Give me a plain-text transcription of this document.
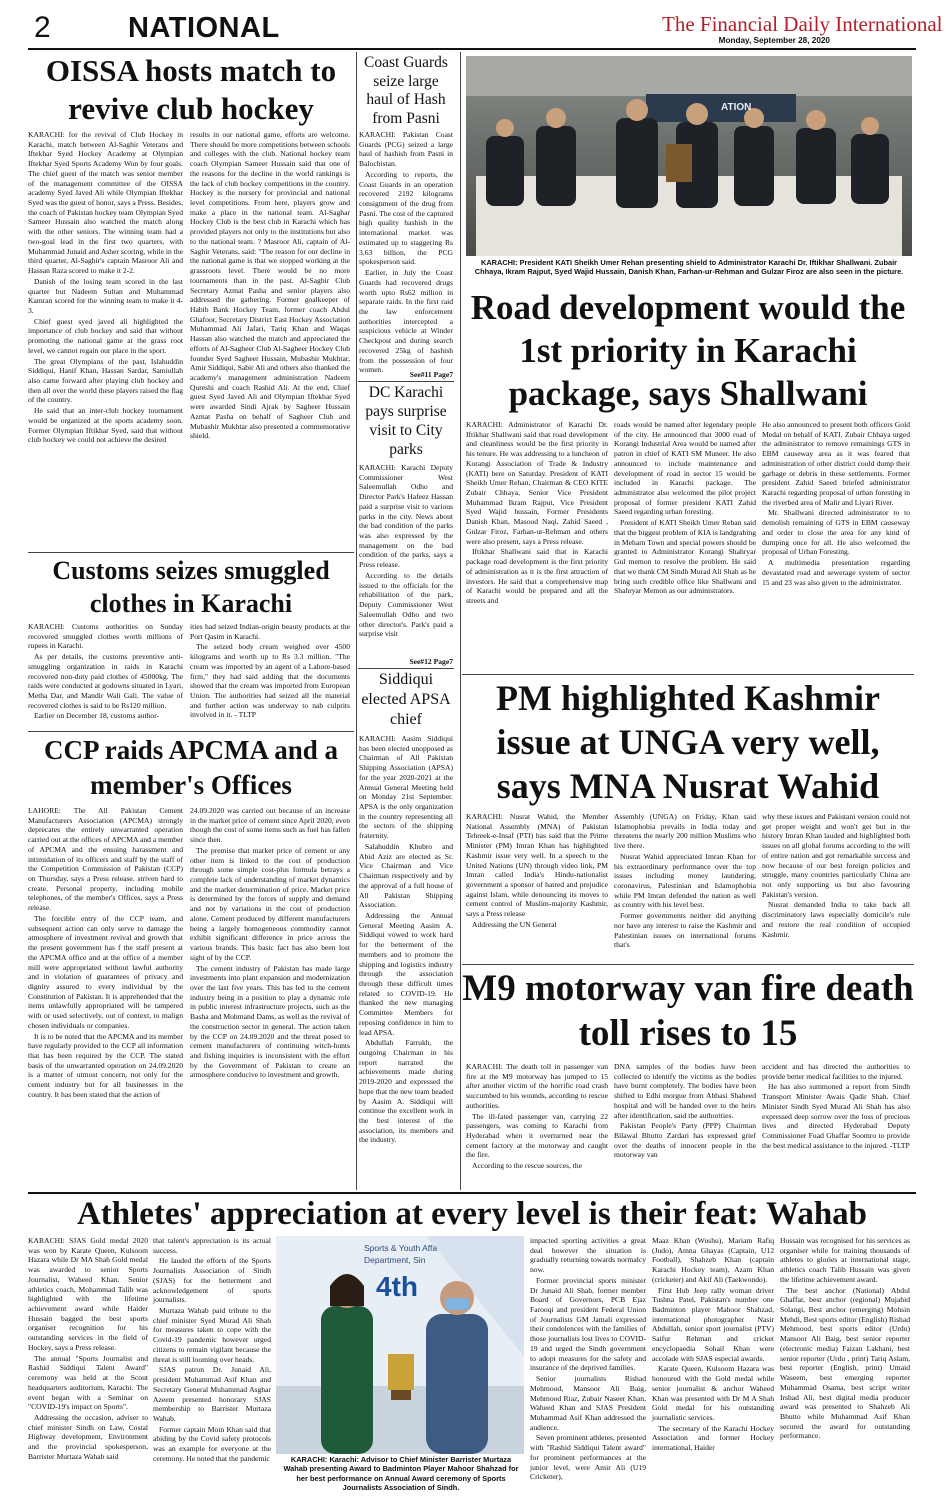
2	NATIONAL	The Financial Daily International
Monday, September 28, 2020
OISSA hosts match to revive club hockey

KARACHI: for the revival of Club Hockey in Karachi, match between Al-Saghir Veterans and Iftekhar Syed Hockey Academy at Olympian Iftekhar Syed Sports Academy Won by four goals. The chief guest of the match was senior member of the management committee of the OISSA academy Syed Javed Ali while Olympian Iftekhar Syed was the guest of honor, says a Press. Besides, the coach of Pakistan hockey team Olympian Syed Sameer Hussain also watched the match along with the other seniors. The winning team had a two-goal lead in the first two quarters, with Muhammad Junaid and Asher scoring, while in the third quarter, Al-Saghir's captain Masroor Ali and Hassan Raza scored to make it 2-2.

Danish of the losing team scored in the last quarter but Nadeem Sultan and Muhammad Kamran scored for the winning team to make it 4-3.

Chief guest syed javed ali highlighted the importance of club hockey and said that without promoting the national game at the grass root level, we cannot regain our place in the sport.

The great Olympians of the past, Islahuddin Siddiqui, Hanif Khan, Hassan Sardar, Samiullah also came forward after playing club hockey and then all over the world these players raised the flag of the country.

He said that an inter-club hockey tournament would be organized at the sports academy soon. Former Olympian Iftikhar Syed, said that without club hockey we could not achieve the desired

results in our national game, efforts are welcome. There should be more competitions between schools and colleges with the club. National hockey team coach Olympian Sameer Hussain said that one of the reasons for the decline in the world rankings is the lack of club hockey competitions in the country. Hockey is the nursery for provincial and national level competitions. From here, players grow and make a place in the national team. Al-Saghar Hockey Club is the best club in Karachi which has provided players not only to the institutions but also to the national team. ? Masroor Ali, captain of Al-Saghir Veterans, said: "The reason for our decline in the national game is that we stopped working at the grassroots level. There would be no more tournaments than in the past. Al-Saghir Club Secretary Azmat Pasha and senior players also addressed the gathering. Former goalkeeper of Habib Bank Hockey Team, former coach Abdul Ghafoor, Secretary District East Hockey Association Muhammad Ali Jafari, Tariq Khan and Waqas Hassan also watched the match and appreciated the efforts of Al-Sagheer Club Al-Sagheer Hockey Club founder Syed Sagheer Hussain, Mubashir Mukhtar, Amir Siddiqui, Sabir Ali and others also thanked the academy's management administration Nadeem Qureshi and coach Rashid Ali. At the end, Chief guest Syed Javed Ali and Olympian Iftekhar Syed were awarded Sindi Ajrak by Sagheer Hussain Azmat Pasha on behalf of Sagheer Club and Mubashir Mukhtar also presented a commemorative shield.

Coast Guards seize large haul of Hash from Pasni

KARACHI: Pakistan Coast Guards (PCG) seized a large haul of hashish from Pasni in Balochistan.

According to reports, the Coast Guards in an operation recovered 2192 kilograms consignment of the drug from Pasni. The cost of the captured high quality hashish in the international market was estimated up to staggering Rs 3.63 billion, the PCG spokesperson said.

Earlier, in July the Coast Guards had recovered drugs worth upto Rs62 million in separate raids. In the first raid the law enforcement authorities intercepted a suspicious vehicle at Winder Checkpost and during search recovered 25kg of hashish from the possession of four women.

See#11 Page7
DC Karachi pays surprise visit to City parks

KARACHI: Karachi Deputy Commissioner West Saleemullah Odho and Director Park's Hafeez Hassan paid a surprise visit to various parks in the city. News about the bad condition of the parks was also expressed by the management on the bad condition of the parks, says a Press release.

According to the details issued to the officials for the rehabilitation of the park, Deputy Commissioner West Saleemullah Odho and two other director's. Park's paid a surprise visit

See#12 Page7
Siddiqui elected APSA chief

KARACHI: Aasim Siddiqui has been elected unopposed as Chairman of All Pakistan Shipping Association (APSA) for the year 2020-2021 at the Annual General Meeting held on Monday 21st September. APSA is the only organization in the country representing all the sectors of the shipping fraternity.

Salahuddin Khubro and Abid Aziz are elected as Sr. Vice Chairman and Vice Chairman respectively and by the approval of a full house of All Pakistan Shipping Association.

Addressing the Annual General Meeting Aasim A. Siddiqui vowed to work hard for the betterment of the members and to promote the shipping and logistics industry through the association through these difficult times related to COVID-19. He thanked the new managing Committee Members for reposing confidence in him to lead APSA.

Abdullah Farrukh, the outgoing Chairman in his report narrated the achievements made during 2019-2020 and expressed the hope that the new team headed by Aasim A. Siddiqui will continue the excellent work in the best interest of the association, its members and the industry.

Customs seizes smuggled clothes in Karachi

KARACHI: Customs authorities on Sunday recovered smuggled clothes worth millions of rupees in Karachi.

As per details, the customs preventive anti-smuggling organization in raids in Karachi recovered non-duty paid clothes of 45000kg. The raids were conducted at godowns situated in Lyari, Metha Dar, and Mandir Wali Gali. The value of recovered clothes is said to be Rs120 million.

Earlier on December 18, customs author-

ities had seized Indian-origin beauty products at the Port Qasim in Karachi.

The seized body cream weighed over 4500 kilograms and worth up to Rs 3.3 million. "The cream was imported by an agent of a Lahore-based firm," they had said adding that the documents showed that the cream was imported from European Union. The authorities had seized all the material and further action was underway to nab culprits involved in it. - TLTP

CCP raids APCMA and a member's Offices

LAHORE: The All Pakistan Cement Manufacturers Association (APCMA) strongly deprecates the entirely unwarranted operation carried out at the offices of APCMA and a member of APCMA and the ensuing harassment and intimidation of its officers and staff by the staff of the Competition Commission of Pakistan (CCP) on Thursday, says a Press release. striven hard to create. Personal property, including mobile telephones, of the member's Offices, says a Press release.

The forcible entry of the CCP team, and subsequent action can only serve to damage the atmosphere of investment revival and growth that the present government has f the staff present at the APCMA office and at the office of a member mill were appropriated without lawful authority and in violation of guarantees of privacy and dignity assured to every individual by the Constitution of Pakistan. It is apprehended that the items unlawfully appropriated will be tampered with or used selectively, out of context, to malign chosen individuals or companies.

It is to be noted that the APCMA and its member have regularly provided to the CCP all information that has been required by the CCP. The stated basis of the unwarranted operation on 24.09.2020 is a matter of utmost concern, not only for the cement industry but for all businesses in the country. It has been stated that the action of

24.09.2020 was carried out because of an increase in the market price of cement since April 2020, even though the cost of some items such as fuel has fallen since then.

The premise that market price of cement or any other item is linked to the cost of production through some simple cost-plus formula betrays a complete lack of understanding of market dynamics and the market determination of price. Market price is determined by the forces of supply and demand and not by variations in the cost of production alone. Cement produced by different manufacturers being a largely homogeneous commodity cannot exhibit significant difference in price across the various brands. This basic fact has also been lost sight of by the CCP.

The cement industry of Pakistan has made large investments into plant expansion and modernization over the last five years. This has led to the cement industry being in a position to play a dynamic role in public interest infrastructure projects, such as the Basha and Mohmand Dams, as well as the revival of the construction sector in general. The action taken by the CCP on 24.09.2020 and the threat posed to cement manufacturers of continuing witch-hunts and fishing inquiries is inconsistent with the effort by the Government of Pakistan to create an atmosphere conducive to investment and growth.

ATION
KARACHI: President KATI Sheikh Umer Rehan presenting shield to Administrator Karachi Dr. Iftikhar Shallwani. Zubair Chhaya, Ikram Rajput, Syed Wajid Hussain, Danish Khan, Farhan-ur-Rehman and Gulzar Firoz are also seen in the picture.
Road development would the 1st priority in Karachi package, says Shallwani

KARACHI: Administrator of Karachi Dr. Iftikhar Shallwani said that road development and cleanliness would be the first priority in his tenure. He was addressing to a luncheon of Korangi Association of Trade & Industry (KATI) here on Saturday. President of KATI Sheikh Umer Rehan, Chairman & CEO KITE Zubair Chhaya, Senior Vice President Muhammad Ikram Rajput, Vice President Syed Wajid hussain, Former Presidents Danish Khan, Masood Naqi, Zahid Saeed , Gulzar Firoz, Farhan-ur-Rehman and others were also present, says a Press release.

Iftikhar Shallwani said that in Karachi package road development is the first priority of administration as it is the first attraction of investors. He said that a comprehensive map of Karachi would be prepared and all the streets and

roads would be named after legendary people of the city. He announced that 3000 road of Korangi Industrial Area would be named after patron in chief of KATI SM Muneer. He also announced to include maintenance and development of road in sector 15 would be included in Karachi package. The administrator also welcomed the pilot project proposal of former president KATI Zahid Saeed regarding urban foresting.

President of KATI Sheikh Umer Rehan said that the biggest problem of KIA is landgrabing in Meharn Town and special powers should be granted to Administrator Korangi Shahryar Gul memon to resolve the problem. He said that we thank CM Sindh Murad Ali Shah as he bring such credible office like Shallwani and Shahryar Memon as our administrators.

He also announced to present both officers Gold Medal on behalf of KATI. Zubair Chhaya urged the administrator to remove remainings GTS in EBM causeway area as it was feared that administration of other district could dump their garbage or debris in these settlements. Former president Zahid Saeed briefed administrator Karachi regarding proposal of urban foresting in the riverbed area of Malir and Liyari River.

Mr. Shallwani directed administrator to to demolish remaining of GTS in EBM causeway and order to close the area for any kind of dumping once for all. He also welcomed the proposal of Urban Foresting.

A multimedia presentation regarding devastated road and sewerage system of sector 15 and 23 was also given to the administrator.

PM highlighted Kashmir issue at UNGA very well, says MNA Nusrat Wahid

KARACHI: Nusrat Wahid, the Member National Assembly (MNA) of Pakistan Tehreek-e-Insaf (PTI) has said that the Prime Minister (PM) Imran Khan has highlighted Kashmir issue very well. In a speech to the United Nations (UN) through video link, PM Imran called India's Hindu-nationalist government a sponsor of hatred and prejudice against Islam, while denouncing its moves to cement control of Muslim-majority Kashmir, says a Press release

Addressing the UN General

Assembly (UNGA) on Friday, Khan said Islamophobia prevails in India today and threatens the nearly 200 million Muslims who live there.

Nusrat Wahid appreciated Imran Khan for his extraordinary performance over the top issues including money laundering, coronavirus, Palestinian and Islamophobia while PM Imran defended the nation as well as country with his level best.

Former governments neither did anything nor have any interest to raise the Kashmir and Palestinian issues on international forums that's

why these issues and Pakistani version could not get proper weight and won't get but in the history Imran Khan lauded and highlighted both issues on all global forums according to the will of entire nation and got remarkable success and now because of our best foreign policies and struggle, many countries particularly China are not only supporting us but also favouring Pakistan's version.

Nusrat demanded India to take back all discriminatory laws especially domicile's rule and restore the real condition of occupied Kashmir.

M9 motorway van fire death toll rises to 15

KARACHI: The death toll in passenger van fire at the M9 motorway has jumped to 15 after another victim of the horrific road crash succumbed to his wounds, according to rescue authorities.

The ill-fated passenger van, carrying 22 passengers, was coming to Karachi from Hyderabad when it overturned near the cement factory at the motorway and caught the fire.

According to the rescue sources, the

DNA samples of the bodies have been collected to identify the victims as the bodies have burnt completely. The bodies have been shifted to Edhi morgue from Abbasi Shaheed hospital and will be handed over to the heirs after identification, said the authorities.

Pakistan People's Party (PPP) Chairman Bilawal Bhutto Zardari has expressed grief over the deaths of innocent people in the motorway van

accident and has directed the authorities to provide better medical facilities to the injured.

He has also summoned a report from Sindh Transport Minister Awais Qadir Shah. Chief Minister Sindh Syed Murad Ali Shah has also expressed deep sorrow over the loss of precious lives and directed Hyderabad Deputy Commissioner Fuad Ghaffar Soomro to provide the best medical assistance to the injured. -TLTP

Athletes' appreciation at every level is their feat: Wahab

KARACHI: SJAS Gold medal 2020 was won by Karate Queen, Kulsoom Hazara while Dr MA Shah Gold medal was awarded to senior Sports Journalist, Waheed Khan. Senior athletics coach, Mohammad Talib was highlighted with the lifetime achievement award while Haider Hussain bagged the best sports organiser recognition for his outstanding services in the field of Hockey, says a Press release.

The annual "Sports Journalist and Rashid Siddiqui Talent Award" ceremony was held at the Scout headquarters auditorium, Karachi. The event began with a Seminar on "COVID-19's impact on Sports".

Addressing the occasion, adviser to chief minister Sindh on Law, Costal Highway development, Environment and the provincial spokesperson, Barrister Murtaza Wahab said

that talent's appreciation is its actual success.

He lauded the efforts of the Sports Journalists Association of Sindh (SJAS) for the betterment and acknowledgement of sports journalists.

Murtaza Wahab paid tribute to the chief minister Syed Murad Ali Shah for measures taken to cope with the Covid-19 pandemic however urged citizens to remain vigilant because the threat is still looming over heads.

SJAS patron Dr. Junaid Ali, president Muhammad Asif Khan and Secretary General Muhammad Asghar Azeem presented honorary SJAS membership to Barrister Murtaza Wahab.

Former captain Moin Khan said that abiding by the Covid safety protocols was an example for everyone at the ceremony. He noted that the pandemic

Sports & Youth Affa
Department, Sin
4th
KARACHI: Karachi: Advisor to Chief Minister Barrister Murtaza Wahab presenting Award to Badminton Player Mahoor Shahzad for her best performance on Annual Award ceremony of Sports Journalists Association of Sindh.

impacted sporting activities a great deal however the situation is gradually returning towards normalcy now.

Former provincial sports minister Dr Junaid Ali Shah, former member Board of Governors, PCB Ejaz Farooqi and president Federal Union of Journalists GM Jamali expressed their condolences with the families of those journalists lost lives to COVID-19 and urged the Sindh government to adopt measures for the safety and insurance of the deprived families.

Senior journalists Rishad Mehmood, Mansoor Ali Baig, Mehmood Riaz, Zubair Naseer Khan, Waheed Khan and SJAS President Muhammad Asif Khan addressed the audience.

Seven prominent athletes, presented with "Rashid Siddiqui Talent award" for prominent performances at the junior level, were Amir Ali (U19 Cricketer),

Maaz Khan (Wushu), Mariam Rafiq (Judo), Amna Ghayas (Captain, U12 Football), Shahzeb Khan (captain Karachi Hockey team), Azam Khan (cricketer) and Akif Ali (Taekwondo).

First Hub Jeep rally woman driver Tushna Patel, Pakistan's number one Badminton player Mahoor Shahzad, international photographer Nasir Abdullah, senior sport journalist (PTV) Saifur Rehman and cricket encyclopaedia Sohail Khan were accolade with SJAS especial awards.

Karate Queen, Kulsoom Hazara was honoured with the Gold medal while senior journalist & anchor Waheed Khan was presented with Dr M A Shah Gold medal for his outstanding journalistic services.

The secretary of the Karachi Hockey Association and former Hockey international, Haider

Hussain was recognised for his services as organiser while for training thousands of athletes to glories at international stage, athletics coach Talib Hussain was given the lifetime achievement award.

The best anchor (National) Abdul Ghaffar, best anchor (regional) Mujahid Solangi, Best anchor (emerging) Mohsin Mehdi, Best sports editor (English) Rishad Mehmood, best sports editor (Urdu) Mansoor Ali Baig, best senior reporter (electronic media) Faizan Lakhani, best senior reporter (Urdu , print) Tariq Aslam, best reporter (English, print) Umaid Waseem, best emerging reporter Muhammad Osama, best script writer Irshad Ali, best digital media producer award was presented to Shahzeb Ali Bhutto while Muhammad Asif Khan secured the award for outstanding performance.
